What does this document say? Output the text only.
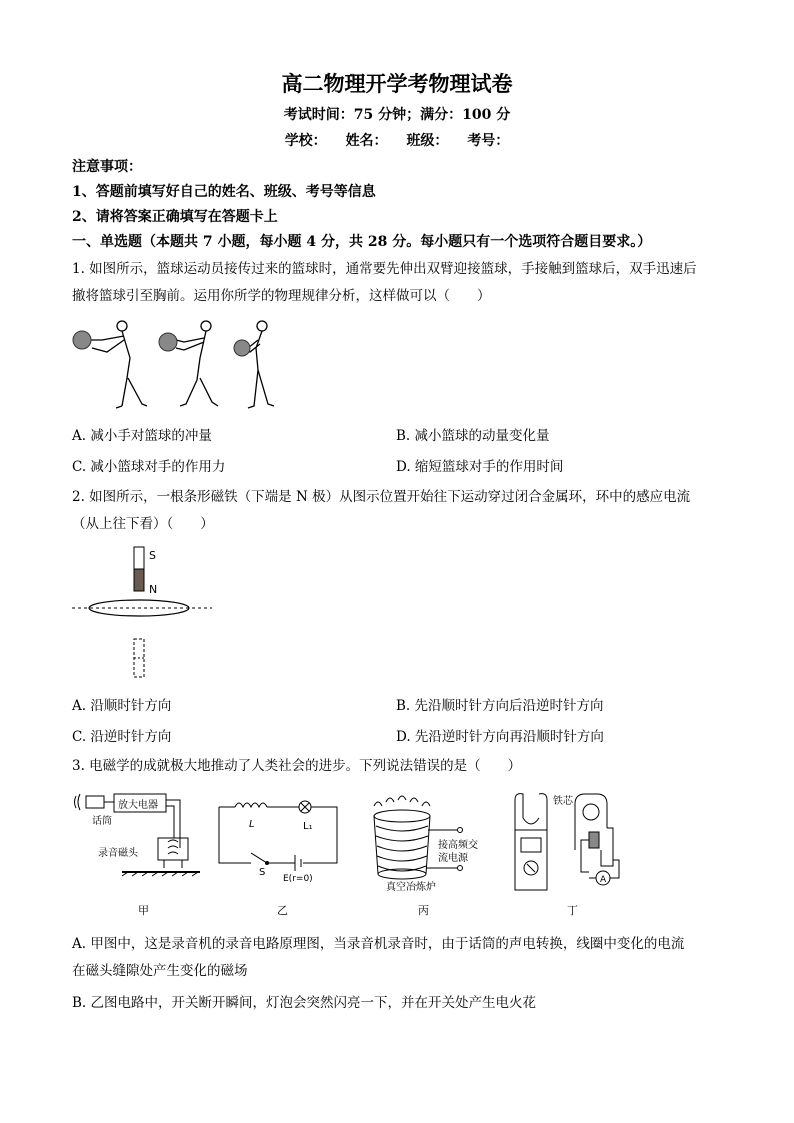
高二物理开学考物理试卷
考试时间：75 分钟；满分：100 分
学校：  姓名：  班级：  考号：
注意事项：
1、答题前填写好自己的姓名、班级、考号等信息
2、请将答案正确填写在答题卡上
一、单选题（本题共 7 小题，每小题 4 分，共 28 分。每小题只有一个选项符合题目要求。）
1. 如图所示，篮球运动员接传过来的篮球时，通常要先伸出双臂迎接篮球，手接触到篮球后，双手迅速后
撤将篮球引至胸前。运用你所学的物理规律分析，这样做可以（　　）
A. 减小手对篮球的冲量	B. 减小篮球的动量变化量
C. 减小篮球对手的作用力	D. 缩短篮球对手的作用时间
2. 如图所示，一根条形磁铁（下端是 N 极）从图示位置开始往下运动穿过闭合金属环，环中的感应电流
（从上往下看）（　　）
S
N
A. 沿顺时针方向	B. 先沿顺时针方向后沿逆时针方向
C. 沿逆时针方向	D. 先沿逆时针方向再沿顺时针方向
3. 电磁学的成就极大地推动了人类社会的进步。下列说法错误的是（　　）
放大电器
话筒
录音磁头
甲
L	L₁
S
E(r=0)
乙
接高频交
流电源
真空冶炼炉
丙
铁芯
A
丁
A. 甲图中，这是录音机的录音电路原理图，当录音机录音时，由于话筒的声电转换，线圈中变化的电流
在磁头缝隙处产生变化的磁场
B. 乙图电路中，开关断开瞬间，灯泡会突然闪亮一下，并在开关处产生电火花
